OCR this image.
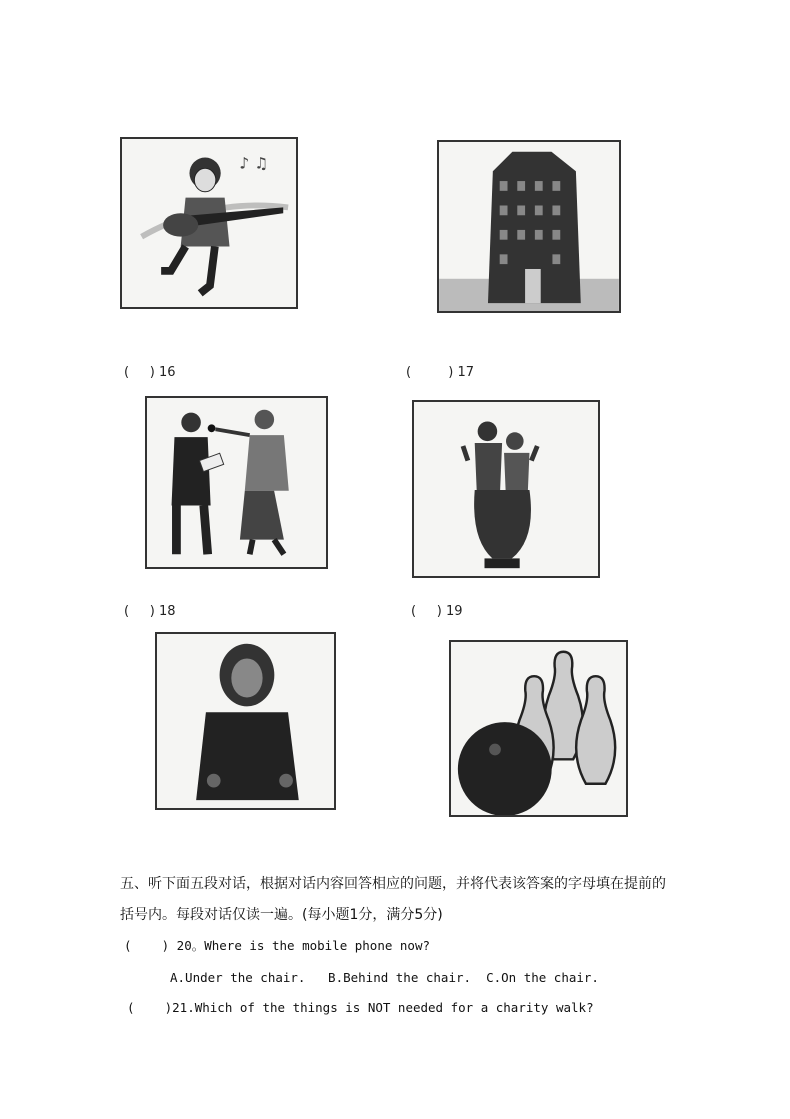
♪ ♫
(     ) 16	(         ) 17
(     ) 18	(     ) 19
五、听下面五段对话，根据对话内容回答相应的问题，并将代表该答案的字母填在提前的
括号内。每段对话仅读一遍。(每小题1分，满分5分)
(    ) 20。Where is the mobile phone now?
A.Under the chair.   B.Behind the chair.  C.On the chair.
(    )21.Which of the things is NOT needed for a charity walk?
